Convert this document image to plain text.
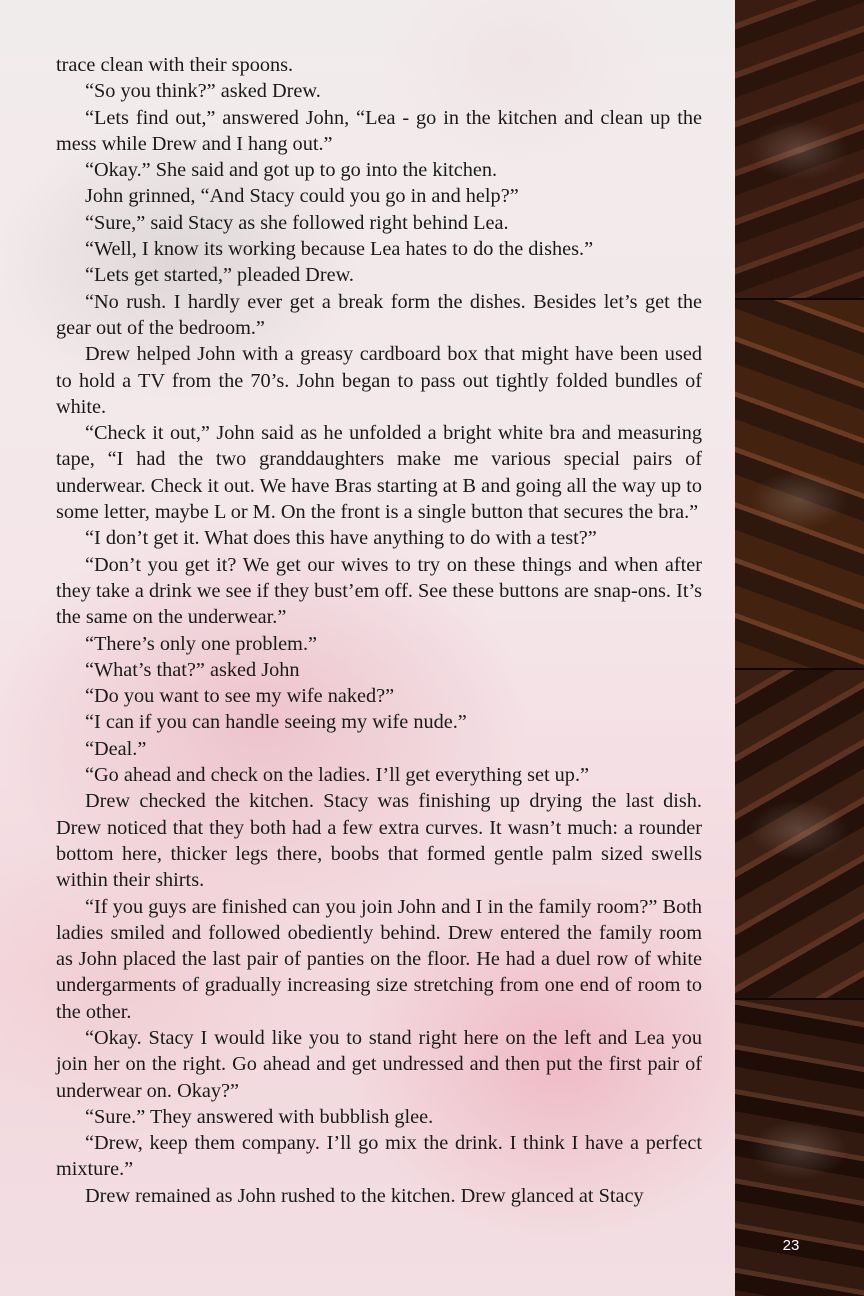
trace clean with their spoons.

“So you think?” asked Drew.

“Lets find out,” answered John, “Lea - go in the kitchen and clean up the mess while Drew and I hang out.”

“Okay.” She said and got up to go into the kitchen.

John grinned, “And Stacy could you go in and help?”

“Sure,” said Stacy as she followed right behind Lea.

“Well, I know its working because Lea hates to do the dishes.”

“Lets get started,” pleaded Drew.

“No rush. I hardly ever get a break form the dishes. Besides let’s get the gear out of the bedroom.”

Drew helped John with a greasy cardboard box that might have been used to hold a TV from the 70’s. John began to pass out tightly folded bundles of white.

“Check it out,” John said as he unfolded a bright white bra and measuring tape, “I had the two granddaughters make me various special pairs of underwear. Check it out. We have Bras starting at B and going all the way up to some letter, maybe L or M. On the front is a single button that secures the bra.”

“I don’t get it. What does this have anything to do with a test?”

“Don’t you get it? We get our wives to try on these things and when after they take a drink we see if they bust’em off. See these buttons are snap-ons. It’s the same on the underwear.”

“There’s only one problem.”

“What’s that?” asked John

“Do you want to see my wife naked?”

“I can if you can handle seeing my wife nude.”

“Deal.”

“Go ahead and check on the ladies. I’ll get everything set up.”

Drew checked the kitchen. Stacy was finishing up drying the last dish. Drew noticed that they both had a few extra curves. It wasn’t much: a rounder bottom here, thicker legs there, boobs that formed gentle palm sized swells within their shirts.

“If you guys are finished can you join John and I in the family room?” Both ladies smiled and followed obediently behind. Drew entered the family room as John placed the last pair of panties on the floor. He had a duel row of white undergarments of gradually increasing size stretching from one end of room to the other.

“Okay. Stacy I would like you to stand right here on the left and Lea you join her on the right. Go ahead and get undressed and then put the first pair of underwear on. Okay?”

“Sure.” They answered with bubblish glee.

“Drew, keep them company. I’ll go mix the drink. I think I have a perfect mixture.”

Drew remained as John rushed to the kitchen. Drew glanced at Stacy

23
